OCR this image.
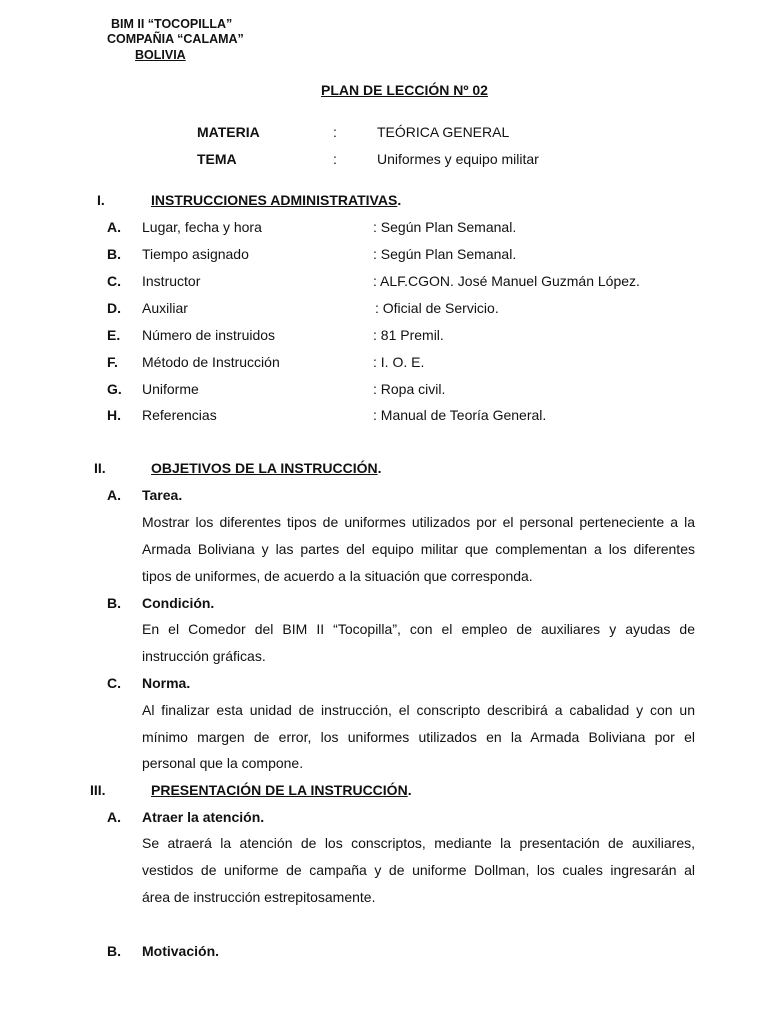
BIM II “TOCOPILLA”
COMPAÑIA “CALAMA”
BOLIVIA
PLAN DE LECCIÓN Nº 02
MATERIA	:	TEÓRICA GENERAL
TEMA	:	Uniformes y equipo militar
I.	INSTRUCCIONES ADMINISTRATIVAS.
A. Lugar, fecha y hora	: Según Plan Semanal.
B. Tiempo asignado	: Según Plan Semanal.
C. Instructor	: ALF.CGON. José Manuel Guzmán López.
D. Auxiliar	: Oficial de Servicio.
E. Número de instruidos	: 81 Premil.
F. Método de Instrucción	: I. O. E.
G. Uniforme	: Ropa civil.
H. Referencias	: Manual de Teoría General.
II.	OBJETIVOS DE LA INSTRUCCIÓN.
A. Tarea.
Mostrar los diferentes tipos de uniformes utilizados por el personal perteneciente a la
Armada Boliviana y las partes del equipo militar que complementan a los diferentes
tipos de uniformes, de acuerdo a la situación que corresponda.
B. Condición.
En el Comedor del BIM II “Tocopilla”, con el empleo de auxiliares y ayudas de
instrucción gráficas.
C. Norma.
Al finalizar esta unidad de instrucción, el conscripto describirá a cabalidad y con un
mínimo margen de error, los uniformes utilizados en la Armada Boliviana por el
personal que la compone.
III.	PRESENTACIÓN DE LA INSTRUCCIÓN.
A. Atraer la atención.
Se atraerá la atención de los conscriptos, mediante la presentación de auxiliares,
vestidos de uniforme de campaña y de uniforme Dollman, los cuales ingresarán al
área de instrucción estrepitosamente.
B. Motivación.
